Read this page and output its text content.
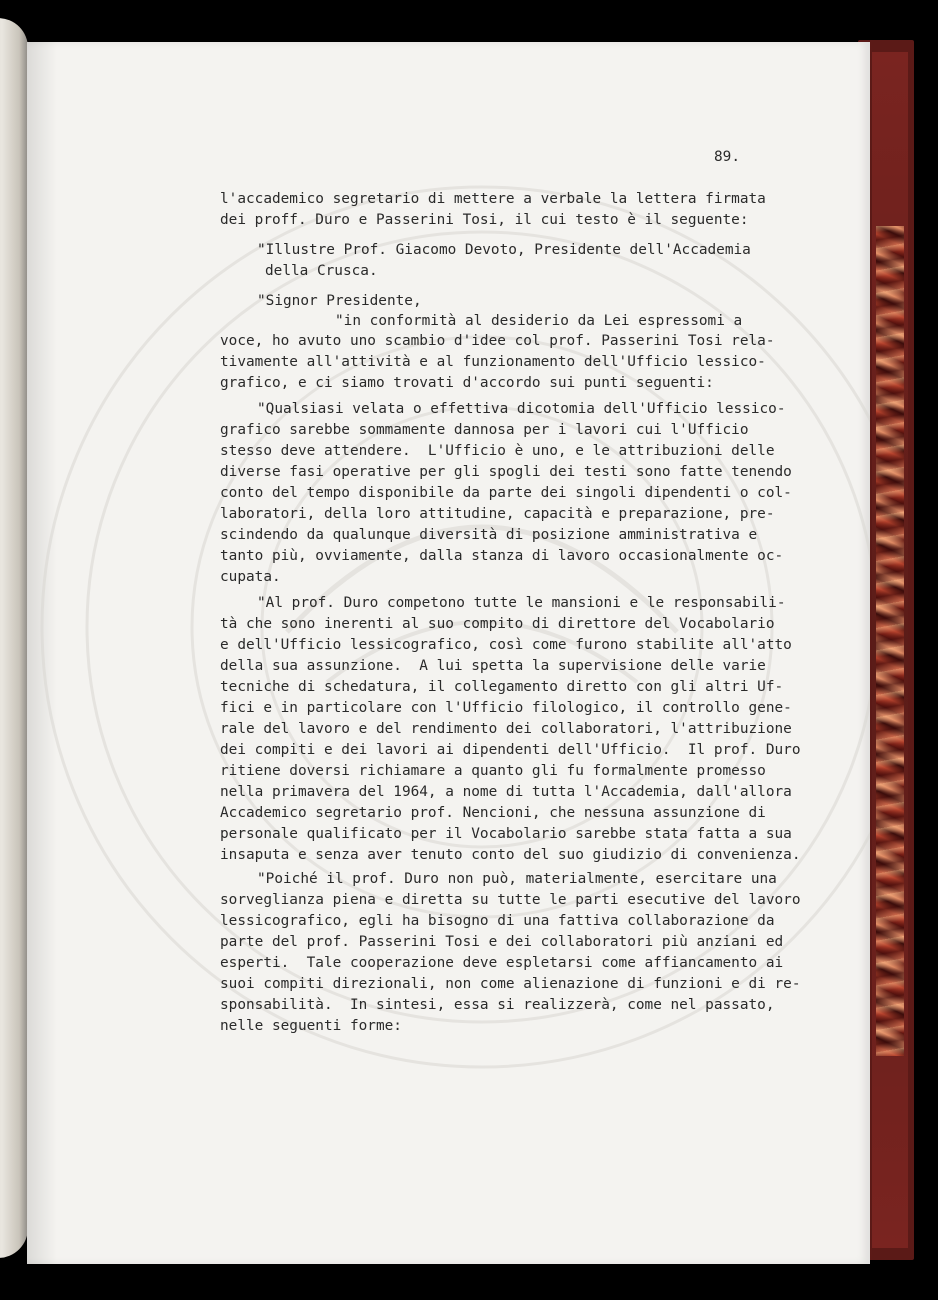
89.
l'accademico segretario di mettere a verbale la lettera firmata
dei proff. Duro e Passerini Tosi, il cui testo è il seguente:
"Illustre Prof. Giacomo Devoto, Presidente dell'Accademia
della Crusca.
"Signor Presidente,
"in conformità al desiderio da Lei espressomi a
voce, ho avuto uno scambio d'idee col prof. Passerini Tosi rela-
tivamente all'attività e al funzionamento dell'Ufficio lessico-
grafico, e ci siamo trovati d'accordo sui punti seguenti:
"Qualsiasi velata o effettiva dicotomia dell'Ufficio lessico-
grafico sarebbe sommamente dannosa per i lavori cui l'Ufficio
stesso deve attendere.  L'Ufficio è uno, e le attribuzioni delle
diverse fasi operative per gli spogli dei testi sono fatte tenendo
conto del tempo disponibile da parte dei singoli dipendenti o col-
laboratori, della loro attitudine, capacità e preparazione, pre-
scindendo da qualunque diversità di posizione amministrativa e
tanto più, ovviamente, dalla stanza di lavoro occasionalmente oc-
cupata.
"Al prof. Duro competono tutte le mansioni e le responsabili-
tà che sono inerenti al suo compito di direttore del Vocabolario
e dell'Ufficio lessicografico, così come furono stabilite all'atto
della sua assunzione.  A lui spetta la supervisione delle varie
tecniche di schedatura, il collegamento diretto con gli altri Uf-
fici e in particolare con l'Ufficio filologico, il controllo gene-
rale del lavoro e del rendimento dei collaboratori, l'attribuzione
dei compiti e dei lavori ai dipendenti dell'Ufficio.  Il prof. Duro
ritiene doversi richiamare a quanto gli fu formalmente promesso
nella primavera del 1964, a nome di tutta l'Accademia, dall'allora
Accademico segretario prof. Nencioni, che nessuna assunzione di
personale qualificato per il Vocabolario sarebbe stata fatta a sua
insaputa e senza aver tenuto conto del suo giudizio di convenienza.
"Poiché il prof. Duro non può, materialmente, esercitare una
sorveglianza piena e diretta su tutte le parti esecutive del lavoro
lessicografico, egli ha bisogno di una fattiva collaborazione da
parte del prof. Passerini Tosi e dei collaboratori più anziani ed
esperti.  Tale cooperazione deve espletarsi come affiancamento ai
suoi compiti direzionali, non come alienazione di funzioni e di re-
sponsabilità.  In sintesi, essa si realizzerà, come nel passato,
nelle seguenti forme:
